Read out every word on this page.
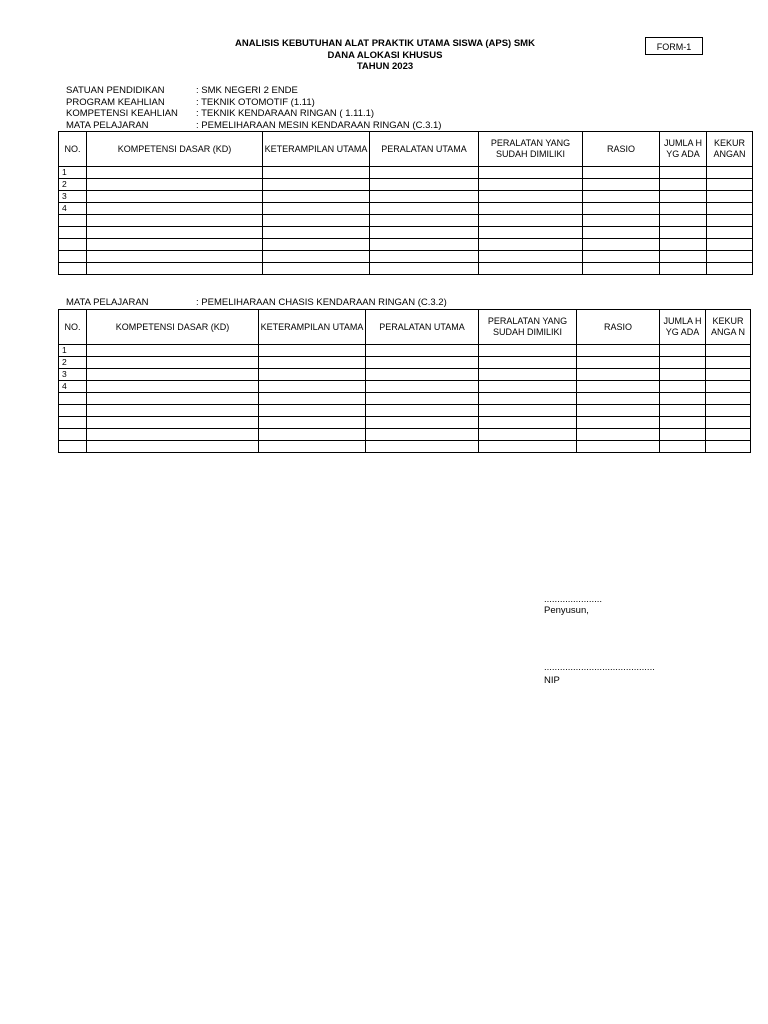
ANALISIS KEBUTUHAN ALAT PRAKTIK UTAMA SISWA (APS) SMK
DANA ALOKASI KHUSUS
TAHUN 2023
FORM-1
SATUAN PENDIDIKAN	: SMK NEGERI 2 ENDE
PROGRAM KEAHLIAN	: TEKNIK OTOMOTIF (1.11)
KOMPETENSI KEAHLIAN	: TEKNIK KENDARAAN RINGAN ( 1.11.1)
MATA PELAJARAN	: PEMELIHARAAN MESIN KENDARAAN RINGAN (C.3.1)
NO.	KOMPETENSI DASAR (KD)	KETERAMPILAN UTAMA	PERALATAN UTAMA	PERALATAN YANG SUDAH DIMILIKI	RASIO	JUMLA H YG ADA	KEKUR ANGAN
1							
2							
3							
4							

MATA PELAJARAN	: PEMELIHARAAN CHASIS KENDARAAN RINGAN (C.3.2)
NO.	KOMPETENSI DASAR (KD)	KETERAMPILAN UTAMA	PERALATAN UTAMA	PERALATAN YANG SUDAH DIMILIKI	RASIO	JUMLA H YG ADA	KEKUR ANGA N
1							
2							
3							
4							

......................
Penyusun,
..........................................
NIP
